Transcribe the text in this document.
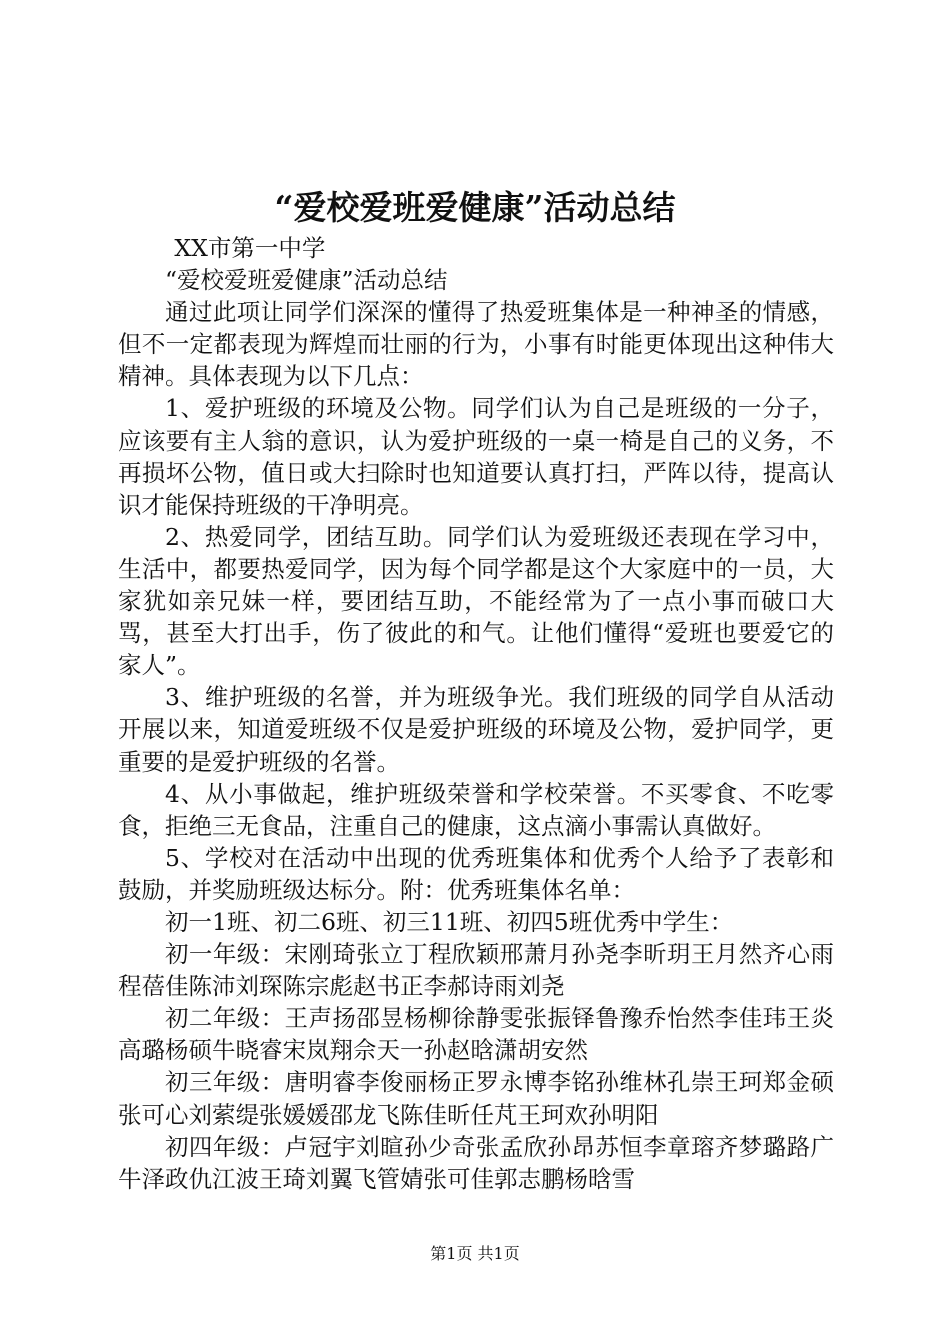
“爱校爱班爱健康”活动总结

XX市第一中学

“爱校爱班爱健康”活动总结

通过此项让同学们深深的懂得了热爱班集体是一种神圣的情感，但不一定都表现为辉煌而壮丽的行为，小事有时能更体现出这种伟大精神。具体表现为以下几点：

1、爱护班级的环境及公物。同学们认为自己是班级的一分子，应该要有主人翁的意识，认为爱护班级的一桌一椅是自己的义务，不再损坏公物，值日或大扫除时也知道要认真打扫，严阵以待，提高认识才能保持班级的干净明亮。

2、热爱同学，团结互助。同学们认为爱班级还表现在学习中，生活中，都要热爱同学，因为每个同学都是这个大家庭中的一员，大家犹如亲兄妹一样，要团结互助，不能经常为了一点小事而破口大骂，甚至大打出手，伤了彼此的和气。让他们懂得“爱班也要爱它的家人”。

3、维护班级的名誉，并为班级争光。我们班级的同学自从活动开展以来，知道爱班级不仅是爱护班级的环境及公物，爱护同学，更重要的是爱护班级的名誉。

4、从小事做起，维护班级荣誉和学校荣誉。不买零食、不吃零食，拒绝三无食品，注重自己的健康，这点滴小事需认真做好。

5、学校对在活动中出现的优秀班集体和优秀个人给予了表彰和鼓励，并奖励班级达标分。附：优秀班集体名单：

初一1班、初二6班、初三11班、初四5班优秀中学生：

初一年级：宋刚琦张立丁程欣颖邢萧月孙尧李昕玥王月然齐心雨程蓓佳陈沛刘琛陈宗彪赵书正李郝诗雨刘尧

初二年级：王声扬邵昱杨柳徐静雯张振铎鲁豫乔怡然李佳玮王炎高璐杨硕牛晓睿宋岚翔佘天一孙赵晗潇胡安然

初三年级：唐明睿李俊丽杨正罗永博李铭孙维林孔崇王珂郑金硕张可心刘萦缇张媛媛邵龙飞陈佳昕任芃王珂欢孙明阳

初四年级：卢冠宇刘暄孙少奇张孟欣孙昂苏恒李章瑢齐梦璐路广牛泽政仇江波王琦刘翼飞管婧张可佳郭志鹏杨晗雪

第1页 共1页
